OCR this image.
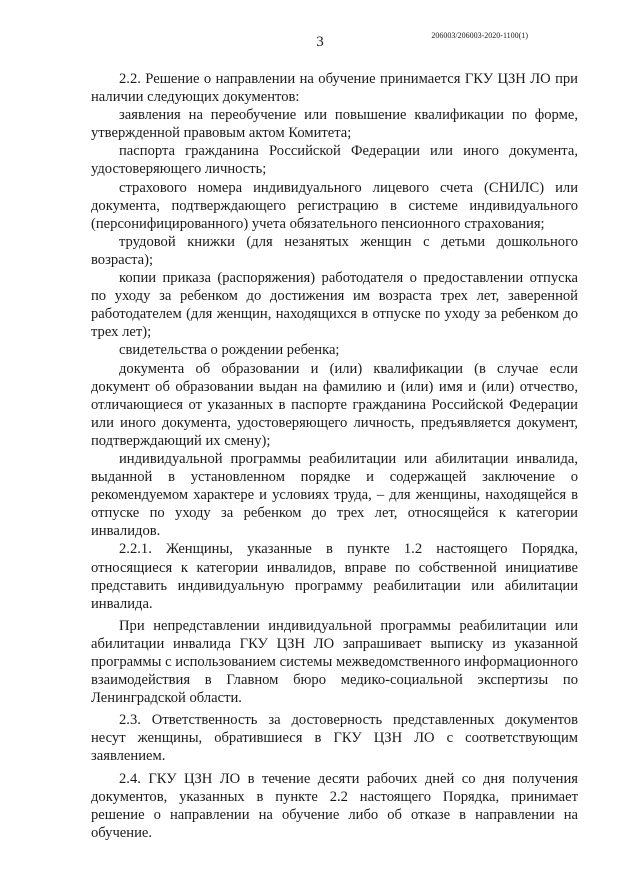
3	206003/206003-2020-1100(1)

2.2. Решение о направлении на обучение принимается ГКУ ЦЗН ЛО при наличии следующих документов:

заявления на переобучение или повышение квалификации по форме, утвержденной правовым актом Комитета;

паспорта гражданина Российской Федерации или иного документа, удостоверяющего личность;

страхового номера индивидуального лицевого счета (СНИЛС) или документа, подтверждающего регистрацию в системе индивидуального (персонифицированного) учета обязательного пенсионного страхования;

трудовой книжки (для незанятых женщин с детьми дошкольного возраста);

копии приказа (распоряжения) работодателя о предоставлении отпуска по уходу за ребенком до достижения им возраста трех лет, заверенной работодателем (для женщин, находящихся в отпуске по уходу за ребенком до трех лет);

свидетельства о рождении ребенка;

документа об образовании и (или) квалификации (в случае если документ об образовании выдан на фамилию и (или) имя и (или) отчество, отличающиеся от указанных в паспорте гражданина Российской Федерации или иного документа, удостоверяющего личность, предъявляется документ, подтверждающий их смену);

индивидуальной программы реабилитации или абилитации инвалида, выданной в установленном порядке и содержащей заключение о рекомендуемом характере и условиях труда, – для женщины, находящейся в отпуске по уходу за ребенком до трех лет, относящейся к категории инвалидов.

2.2.1. Женщины, указанные в пункте 1.2 настоящего Порядка, относящиеся к категории инвалидов, вправе по собственной инициативе представить индивидуальную программу реабилитации или абилитации инвалида.

При непредставлении индивидуальной программы реабилитации или абилитации инвалида ГКУ ЦЗН ЛО запрашивает выписку из указанной программы с использованием системы межведомственного информационного взаимодействия в Главном бюро медико-социальной экспертизы по Ленинградской области.

2.3. Ответственность за достоверность представленных документов несут женщины, обратившиеся в ГКУ ЦЗН ЛО с соответствующим заявлением.

2.4. ГКУ ЦЗН ЛО в течение десяти рабочих дней со дня получения документов, указанных в пункте 2.2 настоящего Порядка, принимает решение о направлении на обучение либо об отказе в направлении на обучение.
